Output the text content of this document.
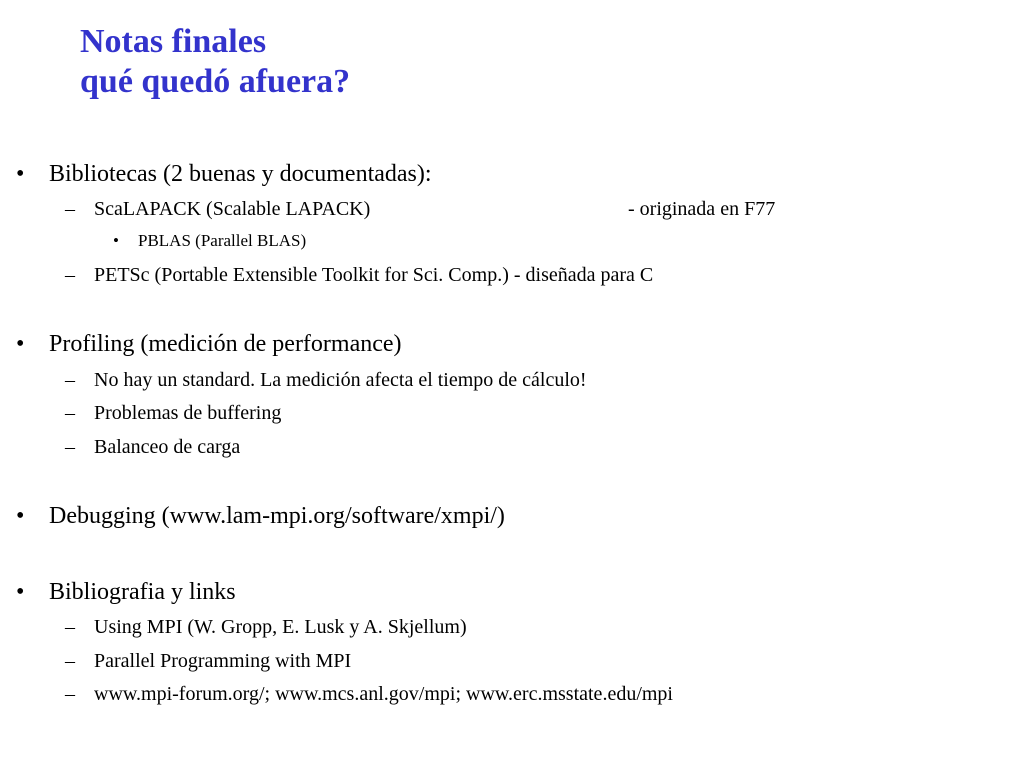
Notas finales
qué quedó afuera?
• Bibliotecas (2 buenas y documentadas):
– ScaLAPACK (Scalable LAPACK)	- originada en F77
• PBLAS (Parallel BLAS)
– PETSc (Portable Extensible Toolkit for Sci. Comp.) - diseñada para C
• Profiling (medición de performance)
– No hay un standard. La medición afecta el tiempo de cálculo!
– Problemas de buffering
– Balanceo de carga
• Debugging (www.lam-mpi.org/software/xmpi/)
• Bibliografia y links
– Using MPI (W. Gropp, E. Lusk y A. Skjellum)
– Parallel Programming with MPI
– www.mpi-forum.org/; www.mcs.anl.gov/mpi; www.erc.msstate.edu/mpi
